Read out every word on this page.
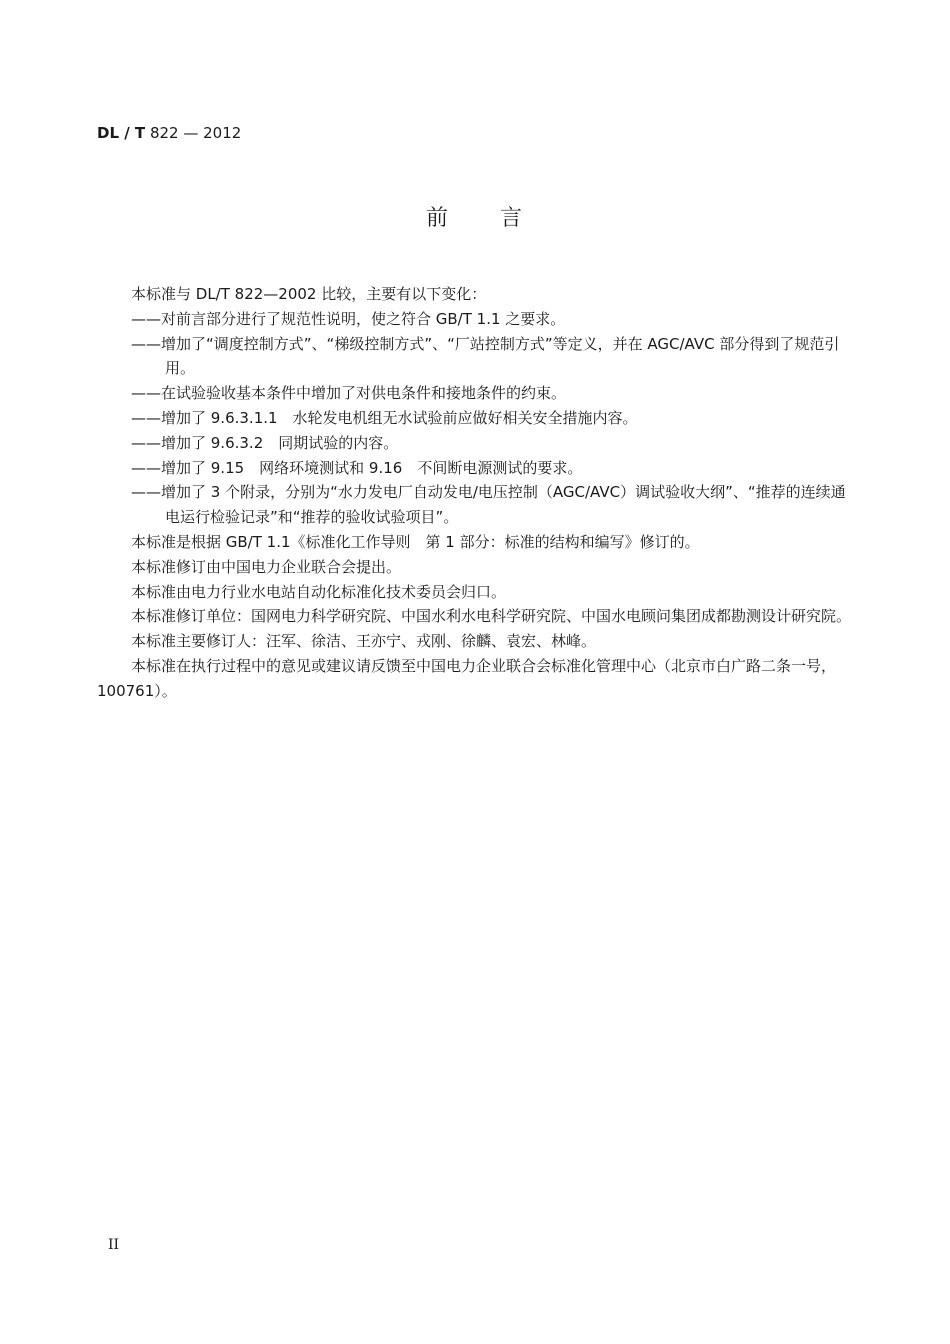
DL / T 822 — 2012
前 言

本标准与 DL/T 822—2002 比较，主要有以下变化：

——对前言部分进行了规范性说明，使之符合 GB/T 1.1 之要求。

——增加了“调度控制方式”、“梯级控制方式”、“厂站控制方式”等定义，并在 AGC/AVC 部分得到了规范引用。

——在试验验收基本条件中增加了对供电条件和接地条件的约束。

——增加了 9.6.3.1.1　水轮发电机组无水试验前应做好相关安全措施内容。

——增加了 9.6.3.2　同期试验的内容。

——增加了 9.15　网络环境测试和 9.16　不间断电源测试的要求。

——增加了 3 个附录，分别为“水力发电厂自动发电/电压控制（AGC/AVC）调试验收大纲”、“推荐的连续通电运行检验记录”和“推荐的验收试验项目”。

本标准是根据 GB/T 1.1《标准化工作导则　第 1 部分：标准的结构和编写》修订的。

本标准修订由中国电力企业联合会提出。

本标准由电力行业水电站自动化标准化技术委员会归口。

本标准修订单位：国网电力科学研究院、中国水利水电科学研究院、中国水电顾问集团成都勘测设计研究院。

本标准主要修订人：汪军、徐洁、王亦宁、戎刚、徐麟、袁宏、林峰。

本标准在执行过程中的意见或建议请反馈至中国电力企业联合会标准化管理中心（北京市白广路二条一号，100761）。

II
